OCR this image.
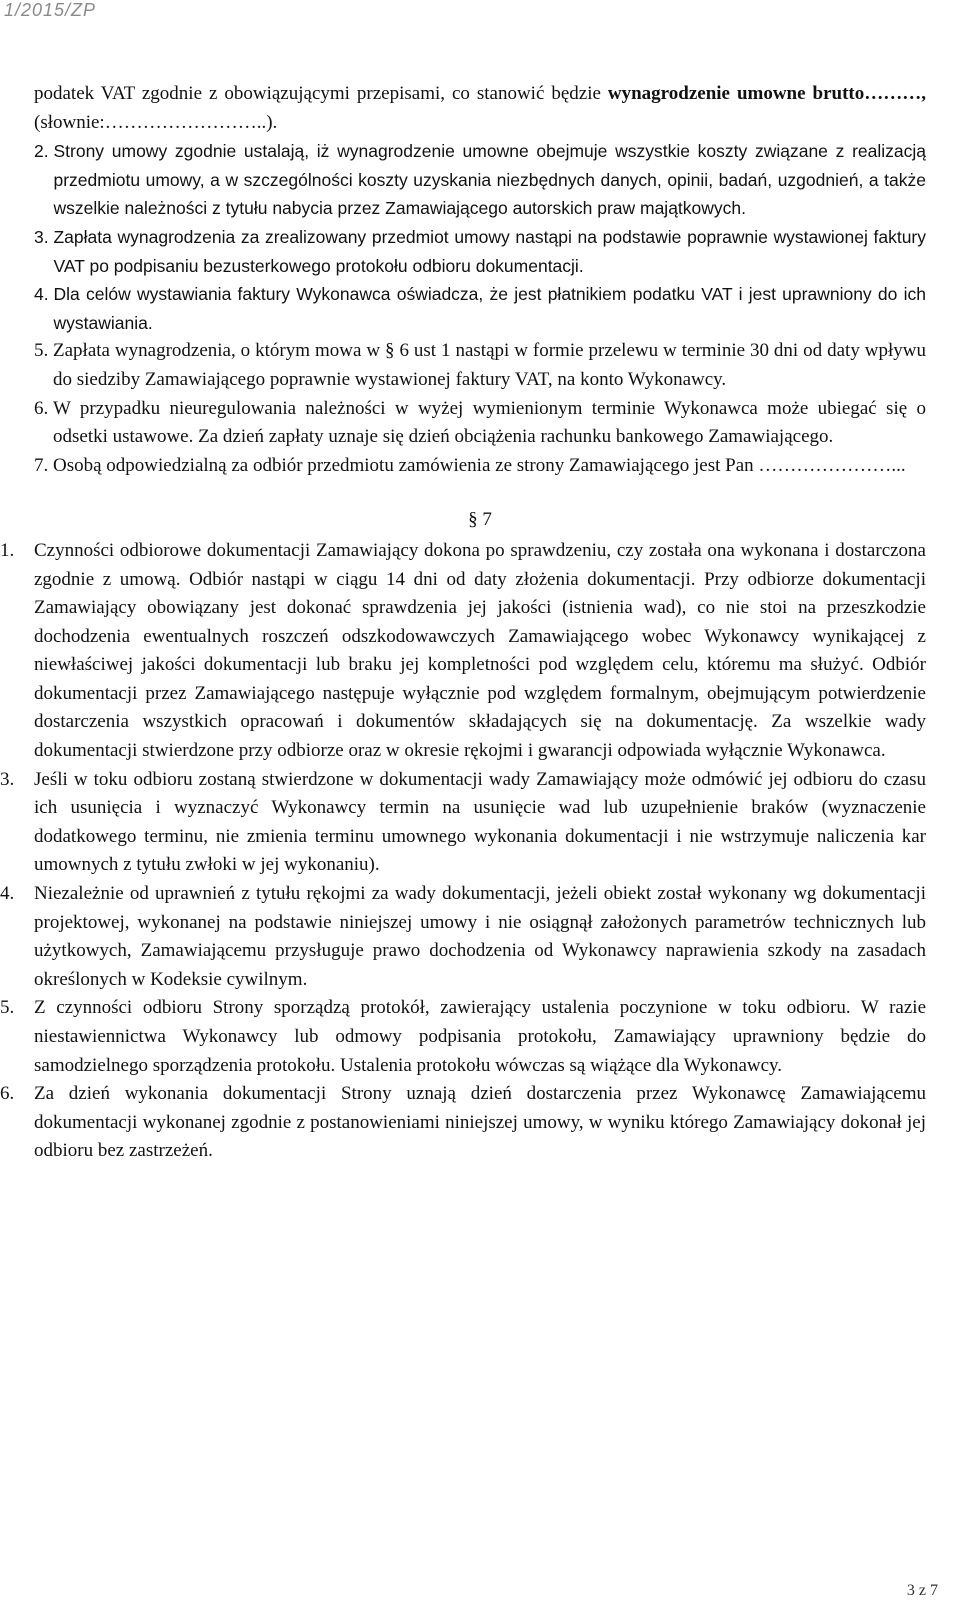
1/2015/ZP

podatek VAT zgodnie z obowiązującymi przepisami, co stanowić będzie wynagrodzenie umowne brutto………, (słownie:……………………..).

2.
Strony umowy zgodnie ustalają, iż wynagrodzenie umowne obejmuje wszystkie koszty związane z realizacją przedmiotu umowy, a w szczególności koszty uzyskania niezbędnych danych, opinii, badań, uzgodnień, a także wszelkie należności z tytułu nabycia przez Zamawiającego autorskich praw majątkowych.
3.
Zapłata wynagrodzenia za zrealizowany przedmiot umowy nastąpi na podstawie poprawnie wystawionej faktury VAT po podpisaniu bezusterkowego protokołu odbioru dokumentacji.
4.
Dla celów wystawiania faktury Wykonawca oświadcza, że jest płatnikiem podatku VAT i jest uprawniony do ich wystawiania.
5.
Zapłata wynagrodzenia, o którym mowa w § 6 ust 1 nastąpi w formie przelewu w terminie 30 dni od daty wpływu do siedziby Zamawiającego poprawnie wystawionej faktury VAT, na konto Wykonawcy.
6.
W przypadku nieuregulowania należności w wyżej wymienionym terminie Wykonawca może ubiegać się o odsetki ustawowe. Za dzień zapłaty uznaje się dzień obciążenia rachunku bankowego Zamawiającego.
7.
Osobą odpowiedzialną za odbiór przedmiotu zamówienia ze strony Zamawiającego jest Pan …………………...
§ 7
1.	Czynności odbiorowe dokumentacji Zamawiający dokona po sprawdzeniu, czy została ona wykonana i dostarczona zgodnie z umową. Odbiór nastąpi w ciągu 14 dni od daty złożenia dokumentacji. Przy odbiorze dokumentacji Zamawiający obowiązany jest dokonać sprawdzenia jej jakości (istnienia wad), co nie stoi na przeszkodzie dochodzenia ewentualnych roszczeń odszkodowawczych Zamawiającego wobec Wykonawcy wynikającej z niewłaściwej jakości dokumentacji lub braku jej kompletności pod względem celu, któremu ma służyć. Odbiór dokumentacji przez Zamawiającego następuje wyłącznie pod względem formalnym, obejmującym potwierdzenie dostarczenia wszystkich opracowań i dokumentów składających się na dokumentację. Za wszelkie wady dokumentacji stwierdzone przy odbiorze oraz w okresie rękojmi i gwarancji odpowiada wyłącznie Wykonawca.
3.	Jeśli w toku odbioru zostaną stwierdzone w dokumentacji wady Zamawiający może odmówić jej odbioru do czasu ich usunięcia i wyznaczyć Wykonawcy termin na usunięcie wad lub uzupełnienie braków (wyznaczenie dodatkowego terminu, nie zmienia terminu umownego wykonania dokumentacji i nie wstrzymuje naliczenia kar umownych z tytułu zwłoki w jej wykonaniu).
4.	Niezależnie od uprawnień z tytułu rękojmi za wady dokumentacji, jeżeli obiekt został wykonany wg dokumentacji projektowej, wykonanej na podstawie niniejszej umowy i nie osiągnął założonych parametrów technicznych lub użytkowych, Zamawiającemu przysługuje prawo dochodzenia od Wykonawcy naprawienia szkody na zasadach określonych w Kodeksie cywilnym.
5.	Z czynności odbioru Strony sporządzą protokół, zawierający ustalenia poczynione w toku odbioru. W razie niestawiennictwa Wykonawcy lub odmowy podpisania protokołu, Zamawiający uprawniony będzie do samodzielnego sporządzenia protokołu. Ustalenia protokołu wówczas są wiążące dla Wykonawcy.
6.	Za dzień wykonania dokumentacji Strony uznają dzień dostarczenia przez Wykonawcę Zamawiającemu dokumentacji wykonanej zgodnie z postanowieniami niniejszej umowy, w wyniku którego Zamawiający dokonał jej odbioru bez zastrzeżeń.
3 z 7
